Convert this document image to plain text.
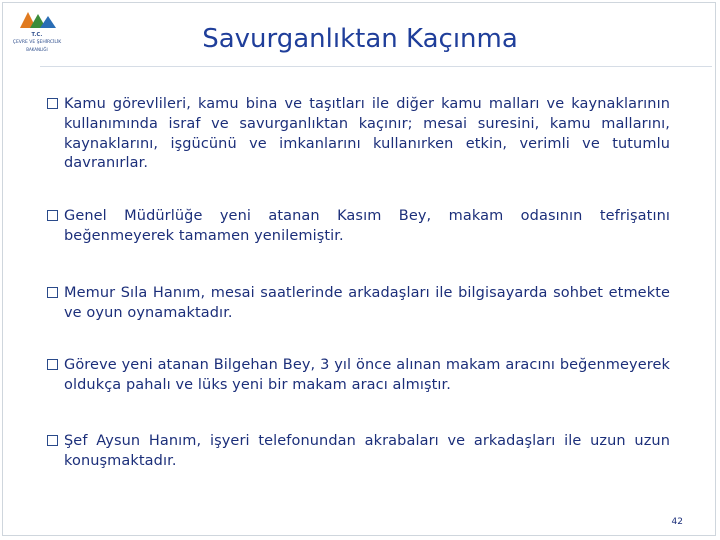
T.C.
ÇEVRE VE ŞEHİRCİLİK
BAKANLIĞI	Savurganlıktan Kaçınma
Kamu görevlileri, kamu bina ve taşıtları ile diğer kamu malları ve kaynaklarının kullanımında israf ve savurganlıktan kaçınır; mesai suresini, kamu mallarını, kaynaklarını, işgücünü ve imkanlarını kullanırken etkin, verimli ve tutumlu davranırlar.
Genel Müdürlüğe yeni atanan Kasım Bey, makam odasının tefrişatını beğenmeyerek tamamen yenilemiştir.
Memur Sıla Hanım, mesai saatlerinde arkadaşları ile bilgisayarda sohbet etmekte ve oyun oynamaktadır.
Göreve yeni atanan Bilgehan Bey, 3 yıl önce alınan makam aracını beğenmeyerek oldukça pahalı ve lüks yeni bir makam aracı almıştır.
Şef Aysun Hanım, işyeri telefonundan akrabaları ve arkadaşları ile uzun uzun konuşmaktadır.
42
